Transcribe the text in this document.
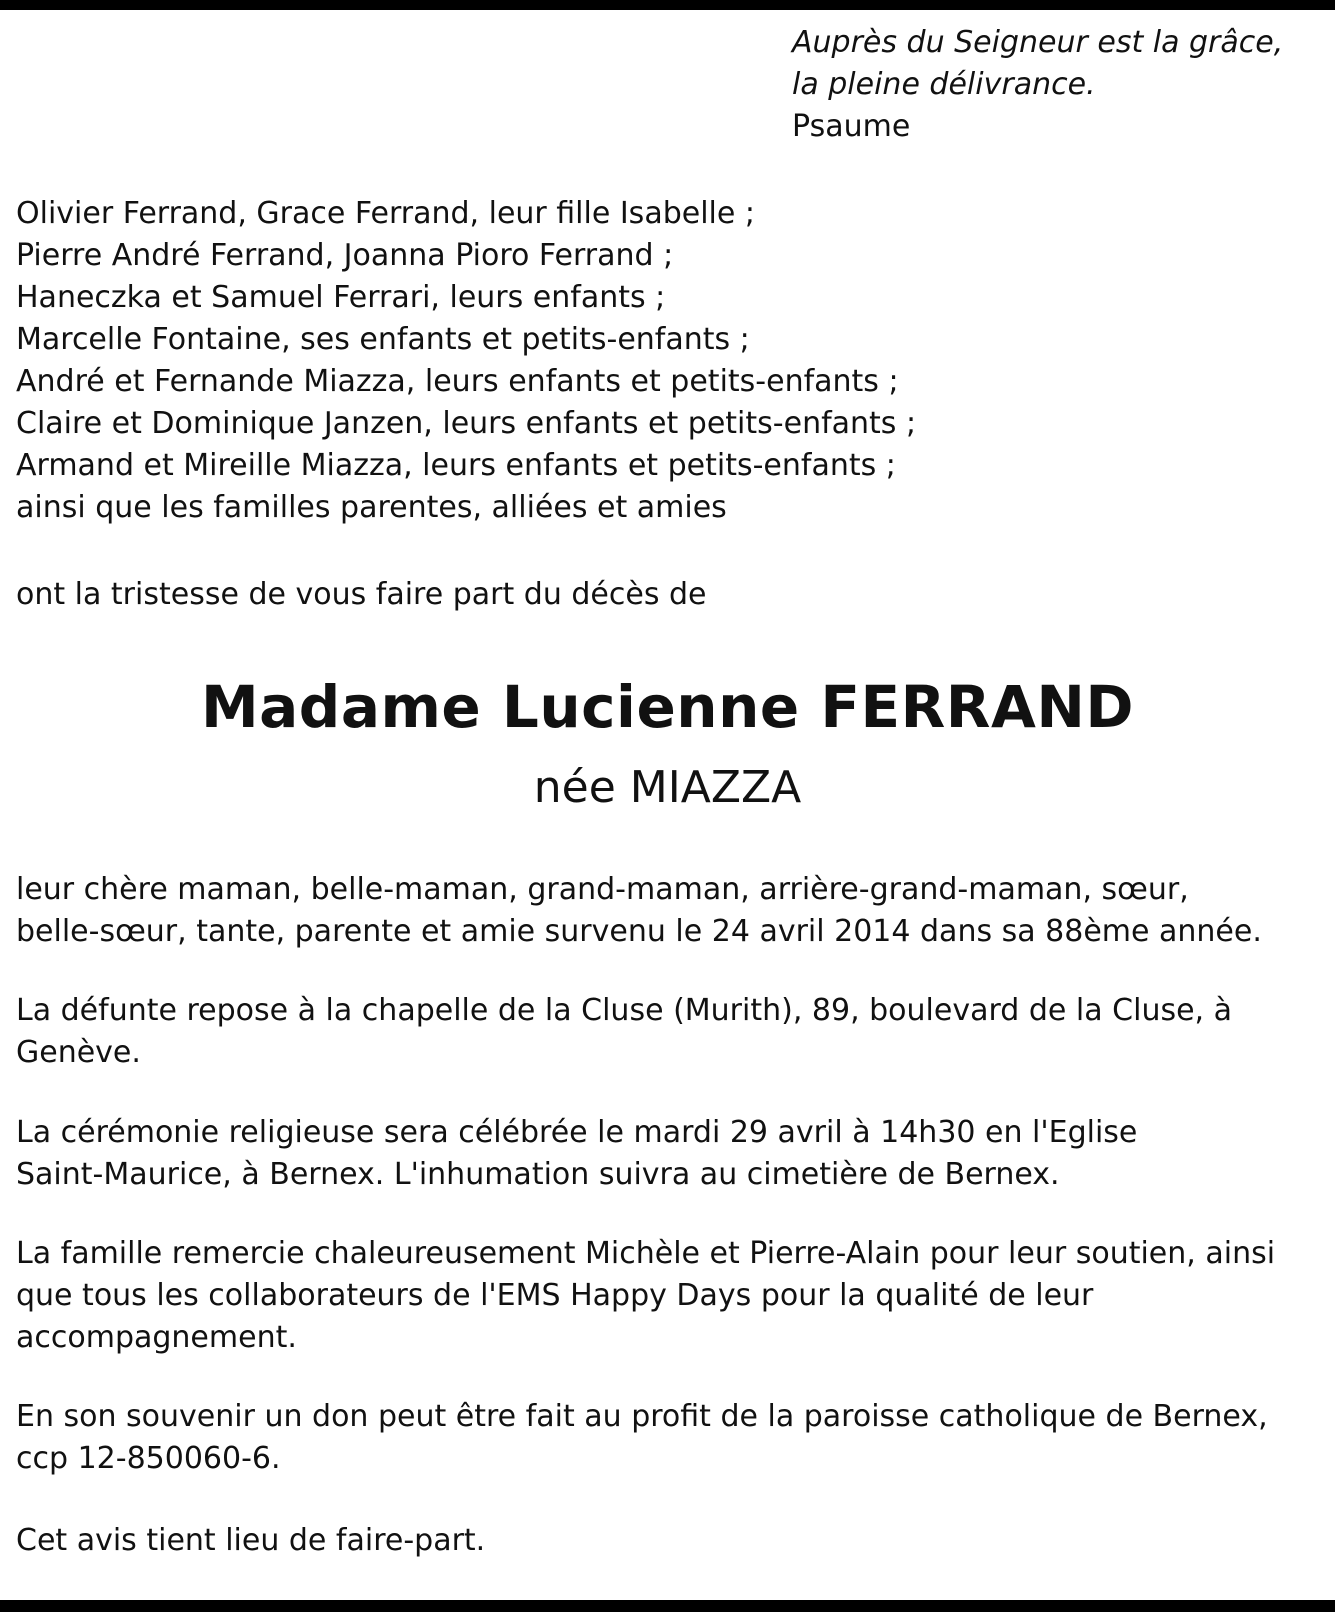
Auprès du Seigneur est la grâce,
la pleine délivrance.
Psaume
Olivier Ferrand, Grace Ferrand, leur fille Isabelle ;
Pierre André Ferrand, Joanna Pioro Ferrand ;
Haneczka et Samuel Ferrari, leurs enfants ;
Marcelle Fontaine, ses enfants et petits-enfants ;
André et Fernande Miazza, leurs enfants et petits-enfants ;
Claire et Dominique Janzen, leurs enfants et petits-enfants ;
Armand et Mireille Miazza, leurs enfants et petits-enfants ;
ainsi que les familles parentes, alliées et amies
ont la tristesse de vous faire part du décès de
Madame Lucienne FERRAND
née MIAZZA

leur chère maman, belle-maman, grand-maman, arrière-grand-maman, sœur,
belle-sœur, tante, parente et amie survenu le 24 avril 2014 dans sa 88ème année.

La défunte repose à la chapelle de la Cluse (Murith), 89, boulevard de la Cluse, à
Genève.

La cérémonie religieuse sera célébrée le mardi 29 avril à 14h30 en l'Eglise
Saint-Maurice, à Bernex. L'inhumation suivra au cimetière de Bernex.

La famille remercie chaleureusement Michèle et Pierre-Alain pour leur soutien, ainsi
que tous les collaborateurs de l'EMS Happy Days pour la qualité de leur
accompagnement.

En son souvenir un don peut être fait au profit de la paroisse catholique de Bernex,
ccp 12-850060-6.

Cet avis tient lieu de faire-part.
